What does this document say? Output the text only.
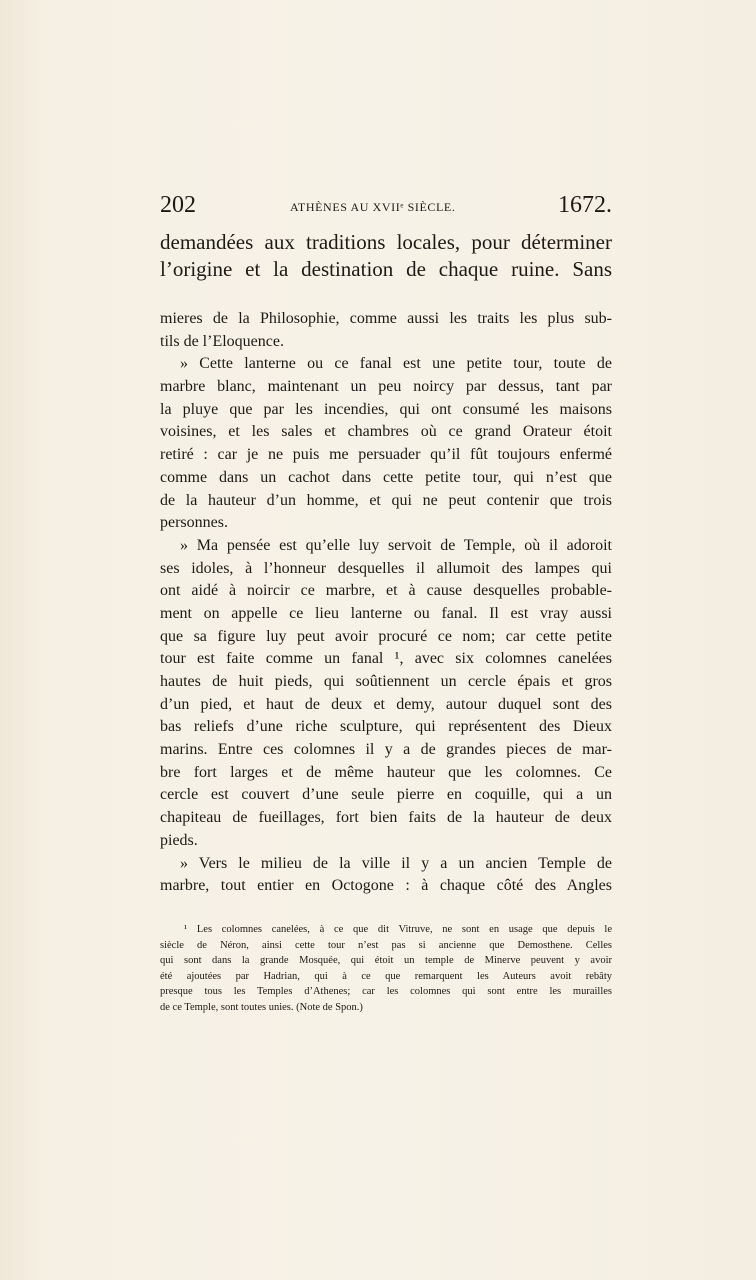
202	ATHÈNES AU XVIIᵉ SIÈCLE.	1672.
demandées aux traditions locales, pour déterminer
l’origine et la destination de chaque ruine. Sans
mieres de la Philosophie, comme aussi les traits les plus sub-
tils de l’Eloquence.
» Cette lanterne ou ce fanal est une petite tour, toute de
marbre blanc, maintenant un peu noircy par dessus, tant par
la pluye que par les incendies, qui ont consumé les maisons
voisines, et les sales et chambres où ce grand Orateur étoit
retiré : car je ne puis me persuader qu’il fût toujours enfermé
comme dans un cachot dans cette petite tour, qui n’est que
de la hauteur d’un homme, et qui ne peut contenir que trois
personnes.
» Ma pensée est qu’elle luy servoit de Temple, où il adoroit
ses idoles, à l’honneur desquelles il allumoit des lampes qui
ont aidé à noircir ce marbre, et à cause desquelles probable-
ment on appelle ce lieu lanterne ou fanal. Il est vray aussi
que sa figure luy peut avoir procuré ce nom; car cette petite
tour est faite comme un fanal ¹, avec six colomnes canelées
hautes de huit pieds, qui soûtiennent un cercle épais et gros
d’un pied, et haut de deux et demy, autour duquel sont des
bas reliefs d’une riche sculpture, qui représentent des Dieux
marins. Entre ces colomnes il y a de grandes pieces de mar-
bre fort larges et de même hauteur que les colomnes. Ce
cercle est couvert d’une seule pierre en coquille, qui a un
chapiteau de fueillages, fort bien faits de la hauteur de deux
pieds.
» Vers le milieu de la ville il y a un ancien Temple de
marbre, tout entier en Octogone : à chaque côté des Angles
¹ Les colomnes canelées, à ce que dit Vitruve, ne sont en usage que depuis le
siècle de Néron, ainsi cette tour n’est pas si ancienne que Demosthene. Celles
qui sont dans la grande Mosquée, qui étoit un temple de Minerve peuvent y avoir
été ajoutées par Hadrian, qui à ce que remarquent les Auteurs avoit rebâty
presque tous les Temples d’Athenes; car les colomnes qui sont entre les murailles
de ce Temple, sont toutes unies. (Note de Spon.)
